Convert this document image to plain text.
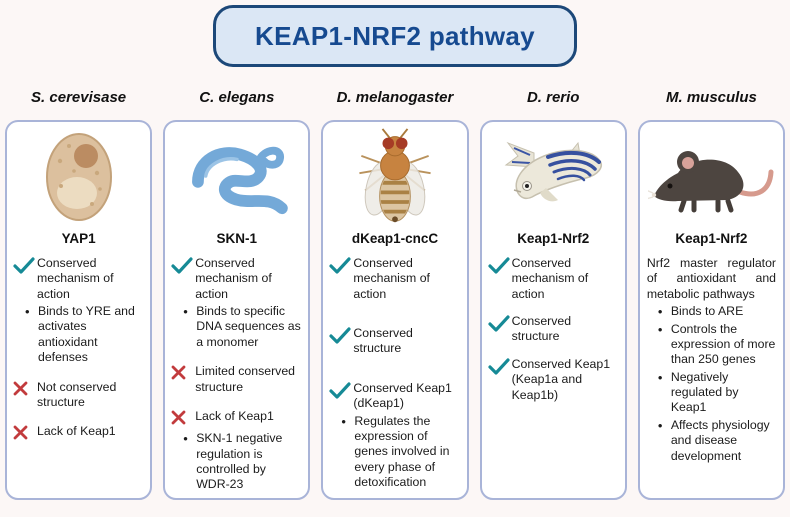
KEAP1-NRF2 pathway
S. cerevisase
YAP1
Conserved mechanism of action
• Binds to YRE and activates antioxidant defenses
Not conserved structure
Lack of Keap1
C. elegans
SKN-1
Conserved mechanism of action
• Binds to specific DNA sequences as a monomer
Limited conserved structure
Lack of Keap1
• SKN-1 negative regulation is controlled by WDR-23
D. melanogaster
dKeap1-cncC
Conserved mechanism of action
Conserved structure
Conserved Keap1 (dKeap1)
• Regulates the expression of genes involved in every phase of detoxification
D. rerio
Keap1-Nrf2
Conserved mechanism of action
Conserved structure
Conserved Keap1 (Keap1a and Keap1b)
M. musculus
Keap1-Nrf2
Nrf2 master regulator of antioxidant and metabolic pathways
• Binds to ARE
• Controls the expression of more than 250 genes
• Negatively regulated by Keap1
• Affects physiology and disease development
